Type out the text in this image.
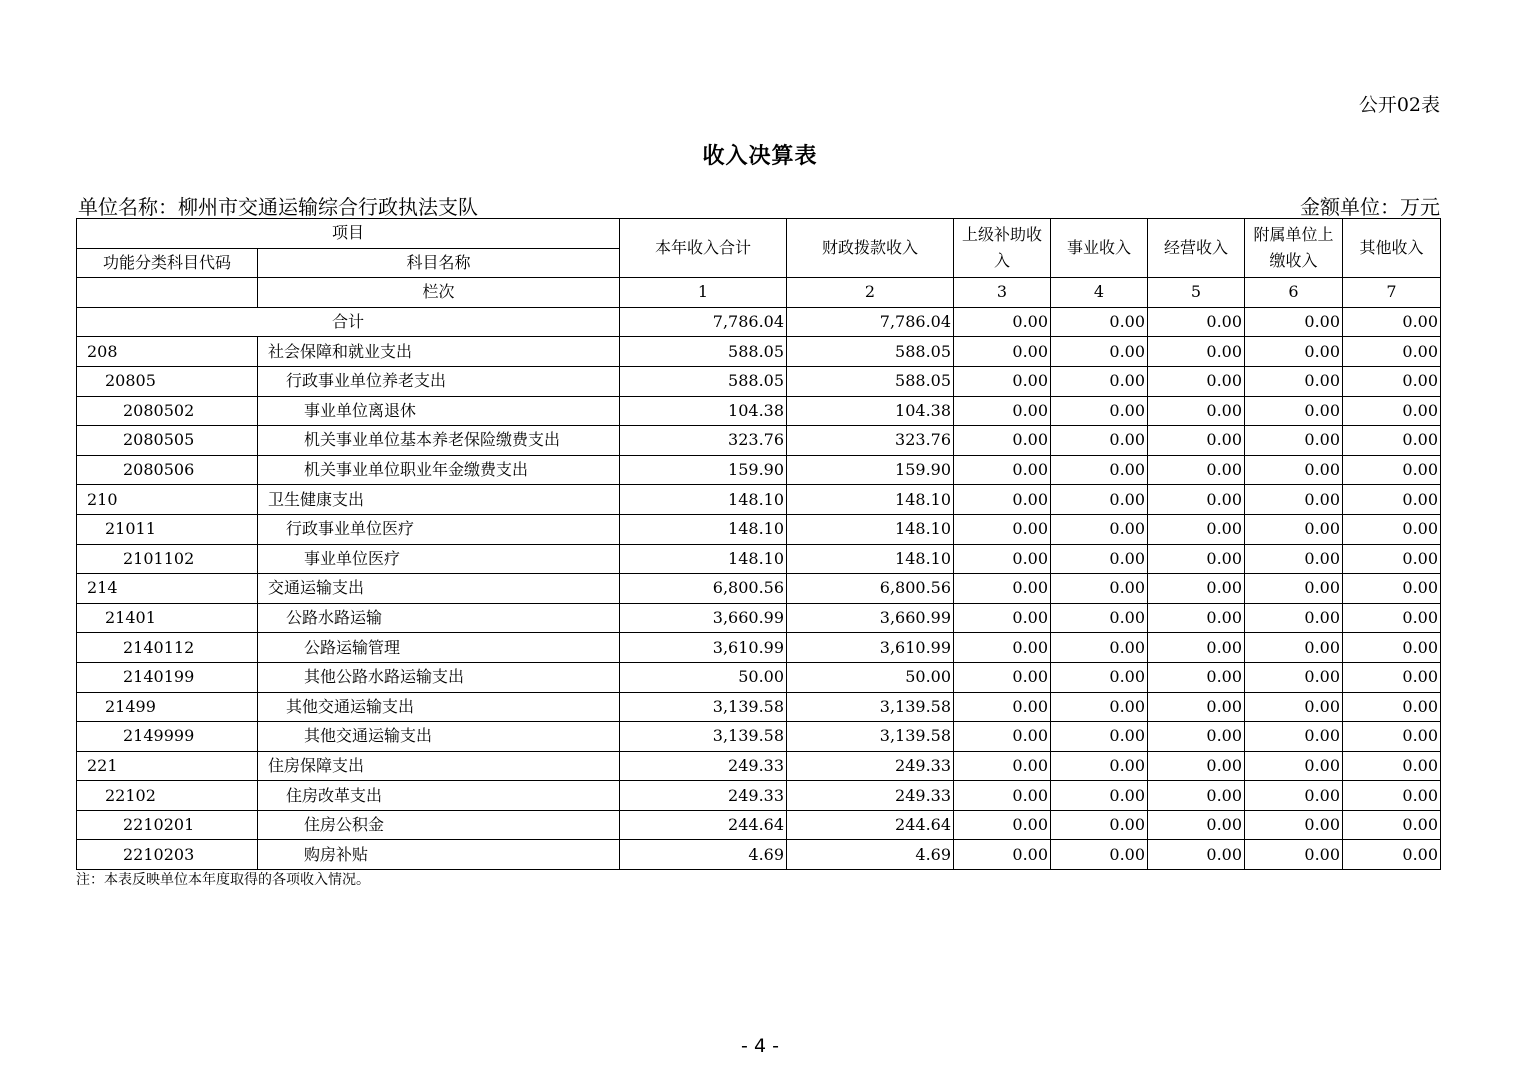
公开02表
收入决算表
单位名称：柳州市交通运输综合行政执法支队	金额单位：万元
项目		本年收入合计	财政拨款收入	上级补助收入	事业收入	经营收入	附属单位上缴收入	其他收入
功能分类科目代码	科目名称							
	栏次	1	2	3	4	5	6	7
合计		7,786.04	7,786.04	0.00	0.00	0.00	0.00	0.00
208	社会保障和就业支出	588.05	588.05	0.00	0.00	0.00	0.00	0.00
20805	行政事业单位养老支出	588.05	588.05	0.00	0.00	0.00	0.00	0.00
2080502	事业单位离退休	104.38	104.38	0.00	0.00	0.00	0.00	0.00
2080505	机关事业单位基本养老保险缴费支出	323.76	323.76	0.00	0.00	0.00	0.00	0.00
2080506	机关事业单位职业年金缴费支出	159.90	159.90	0.00	0.00	0.00	0.00	0.00
210	卫生健康支出	148.10	148.10	0.00	0.00	0.00	0.00	0.00
21011	行政事业单位医疗	148.10	148.10	0.00	0.00	0.00	0.00	0.00
2101102	事业单位医疗	148.10	148.10	0.00	0.00	0.00	0.00	0.00
214	交通运输支出	6,800.56	6,800.56	0.00	0.00	0.00	0.00	0.00
21401	公路水路运输	3,660.99	3,660.99	0.00	0.00	0.00	0.00	0.00
2140112	公路运输管理	3,610.99	3,610.99	0.00	0.00	0.00	0.00	0.00
2140199	其他公路水路运输支出	50.00	50.00	0.00	0.00	0.00	0.00	0.00
21499	其他交通运输支出	3,139.58	3,139.58	0.00	0.00	0.00	0.00	0.00
2149999	其他交通运输支出	3,139.58	3,139.58	0.00	0.00	0.00	0.00	0.00
221	住房保障支出	249.33	249.33	0.00	0.00	0.00	0.00	0.00
22102	住房改革支出	249.33	249.33	0.00	0.00	0.00	0.00	0.00
2210201	住房公积金	244.64	244.64	0.00	0.00	0.00	0.00	0.00
2210203	购房补贴	4.69	4.69	0.00	0.00	0.00	0.00	0.00
注：本表反映单位本年度取得的各项收入情况。
- 4 -
